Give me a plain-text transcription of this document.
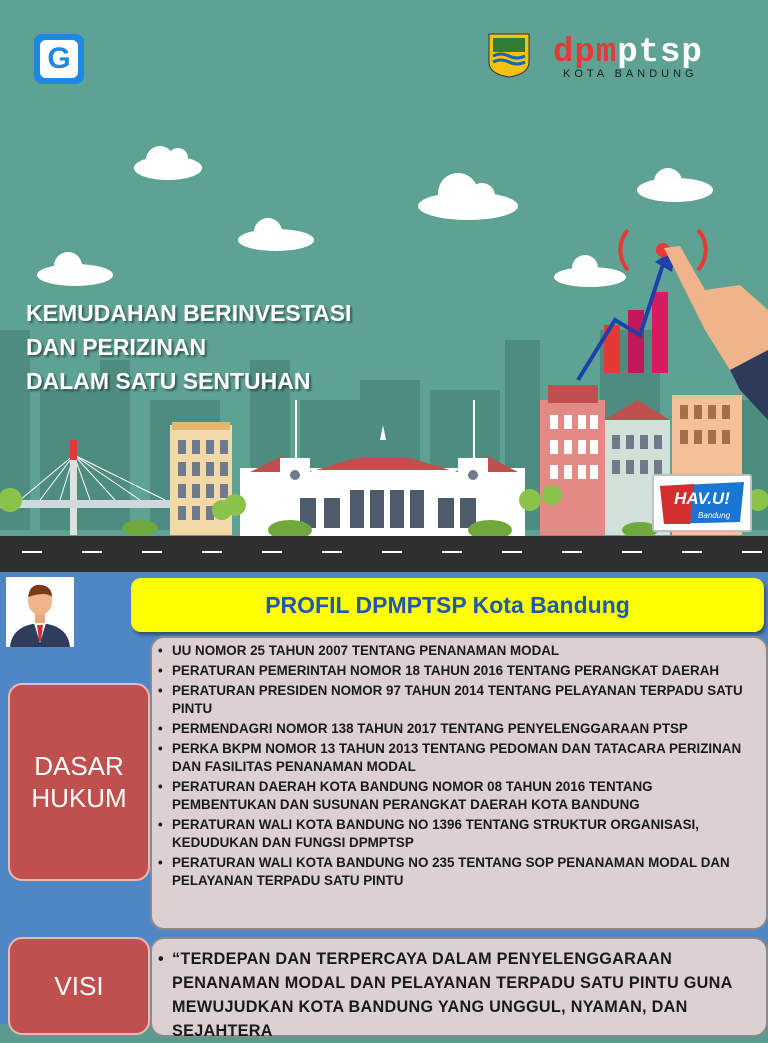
G	dpmptsp
KOTA BANDUNG
KEMUDAHAN BERINVESTASI
DAN PERIZINAN
DALAM SATU SENTUHAN
HAV.U!
Bandung
PROFIL DPMPTSP Kota Bandung
DASAR HUKUM
• UU NOMOR 25 TAHUN 2007 TENTANG PENANAMAN MODAL
• PERATURAN PEMERINTAH NOMOR 18 TAHUN 2016 TENTANG PERANGKAT DAERAH
• PERATURAN PRESIDEN NOMOR 97 TAHUN 2014 TENTANG PELAYANAN TERPADU SATU PINTU
• PERMENDAGRI NOMOR 138 TAHUN 2017 TENTANG PENYELENGGARAAN PTSP
• PERKA BKPM NOMOR 13 TAHUN 2013 TENTANG PEDOMAN DAN TATACARA PERIZINAN DAN FASILITAS PENANAMAN MODAL
• PERATURAN DAERAH KOTA BANDUNG NOMOR 08 TAHUN 2016 TENTANG PEMBENTUKAN DAN SUSUNAN PERANGKAT DAERAH KOTA BANDUNG
• PERATURAN WALI KOTA BANDUNG NO 1396 TENTANG STRUKTUR ORGANISASI, KEDUDUKAN DAN FUNGSI DPMPTSP
• PERATURAN WALI KOTA BANDUNG NO 235 TENTANG SOP PENANAMAN MODAL DAN PELAYANAN TERPADU SATU PINTU
VISI
• “TERDEPAN DAN TERPERCAYA DALAM PENYELENGGARAAN PENANAMAN MODAL DAN PELAYANAN TERPADU SATU PINTU GUNA MEWUJUDKAN KOTA BANDUNG YANG UNGGUL, NYAMAN, DAN SEJAHTERA
